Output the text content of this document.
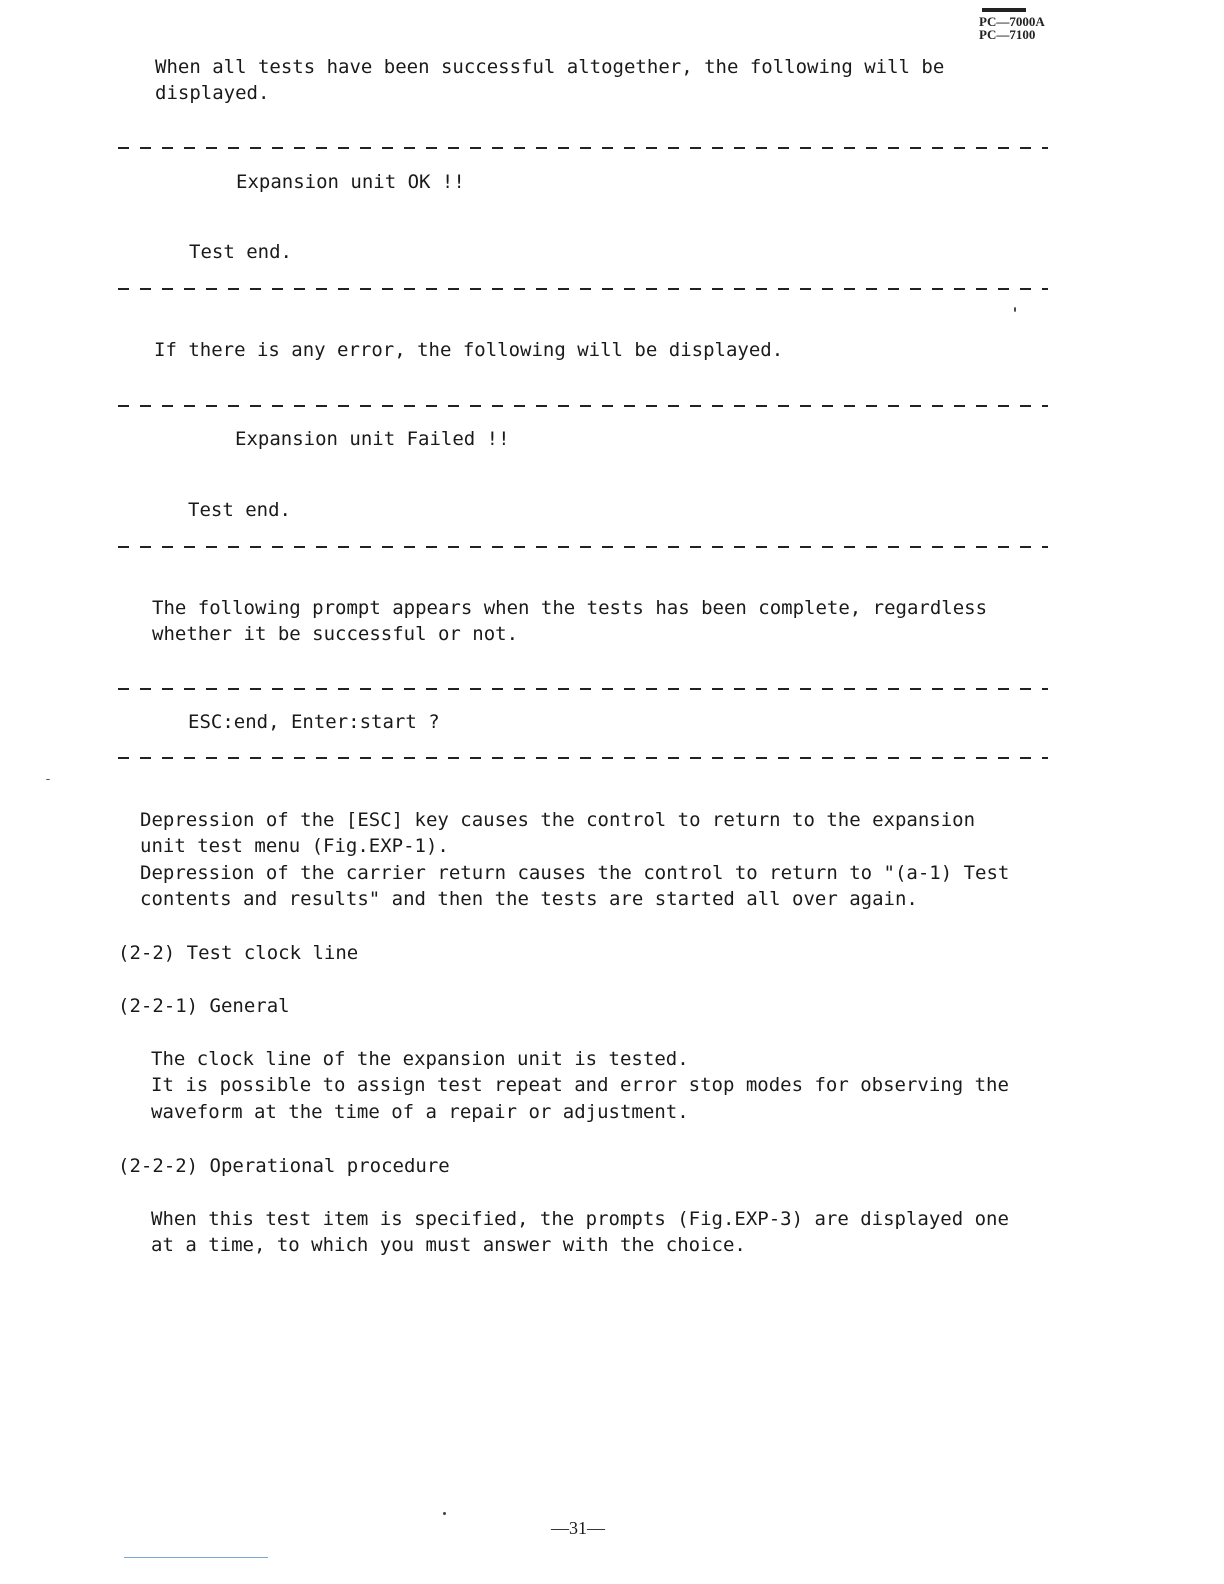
PC—7000A
PC—7100
When all tests have been successful altogether, the following will be
displayed.
Expansion unit OK !!
Test end.
If there is any error, the following will be displayed.
Expansion unit Failed !!
Test end.
The following prompt appears when the tests has been complete, regardless
whether it be successful or not.
ESC:end, Enter:start ?
Depression of the [ESC] key causes the control to return to the expansion
unit test menu (Fig.EXP-1).
Depression of the carrier return causes the control to return to "(a-1) Test
contents and results" and then the tests are started all over again.
(2-2) Test clock line
(2-2-1) General
The clock line of the expansion unit is tested.
It is possible to assign test repeat and error stop modes for observing the
waveform at the time of a repair or adjustment.
(2-2-2) Operational procedure
When this test item is specified, the prompts (Fig.EXP-3) are displayed one
at a time, to which you must answer with the choice.
—31—
